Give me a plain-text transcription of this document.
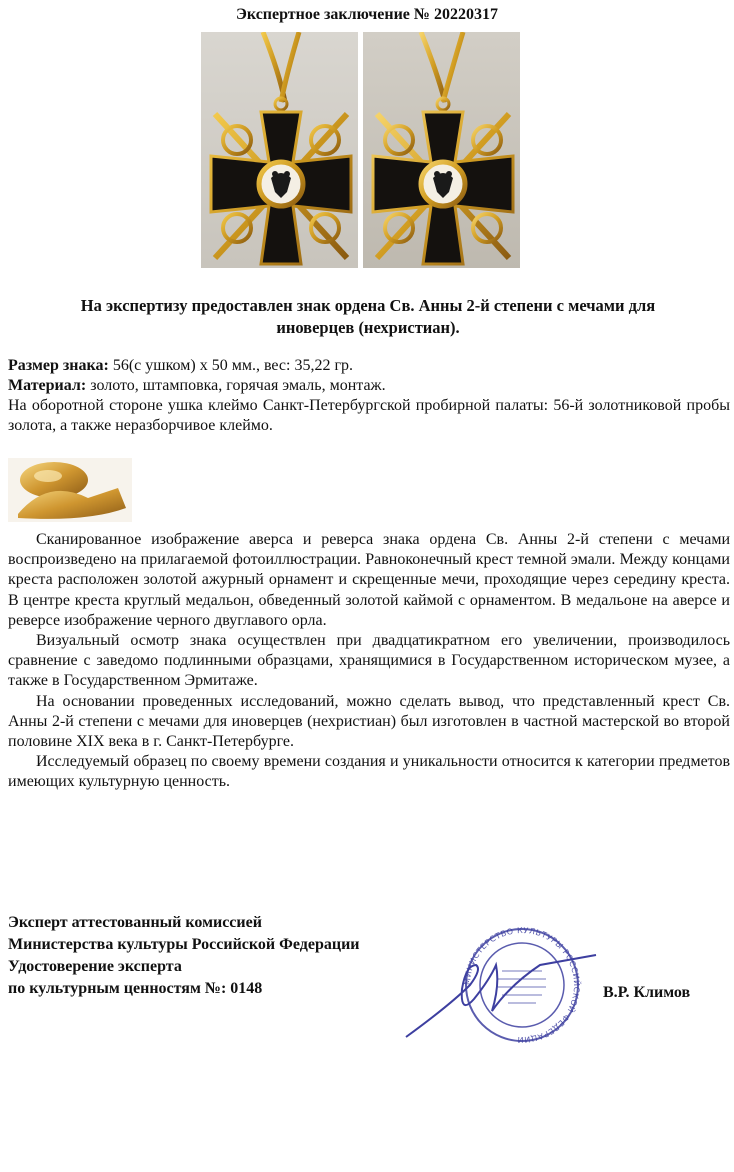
Экспертное заключение № 20220317
На экспертизу предоставлен знак ордена Св. Анны 2-й степени с мечами для
иноверцев (нехристиан).

Размер знака: 56(с ушком) х 50 мм., вес: 35,22 гр.

Материал: золото, штамповка, горячая эмаль, монтаж.

На оборотной стороне ушка клеймо Санкт-Петербургской пробирной палаты: 56-й золотниковой пробы золота, а также неразборчивое клеймо.

Сканированное изображение аверса и реверса знака ордена Св. Анны 2-й степени с мечами воспроизведено на прилагаемой фотоиллюстрации. Равноконечный крест темной эмали. Между концами креста расположен золотой ажурный орнамент и скрещенные мечи, проходящие через середину креста. В центре креста круглый медальон, обведенный золотой каймой с орнаментом. В медальоне на аверсе и реверсе изображение черного двуглавого орла.

Визуальный осмотр знака осуществлен при двадцатикратном его увеличении, производилось сравнение с заведомо подлинными образцами, хранящимися в Государственном историческом музее, а также в Государственном Эрмитаже.

На основании проведенных исследований, можно сделать вывод, что представленный крест Св. Анны 2-й степени с мечами для иноверцев (нехристиан) был изготовлен в частной мастерской во второй половине XIX века в г. Санкт-Петербурге.

Исследуемый образец по своему времени создания и уникальности относится к категории предметов имеющих культурную ценность.

Эксперт аттестованный комиссией
Министерства культуры Российской Федерации
Удостоверение эксперта
по культурным ценностям №: 0148	МИНИСТЕРСТВО КУЛЬТУРЫ РОССИЙСКОЙ ФЕДЕРАЦИИ
В.Р. Климов
